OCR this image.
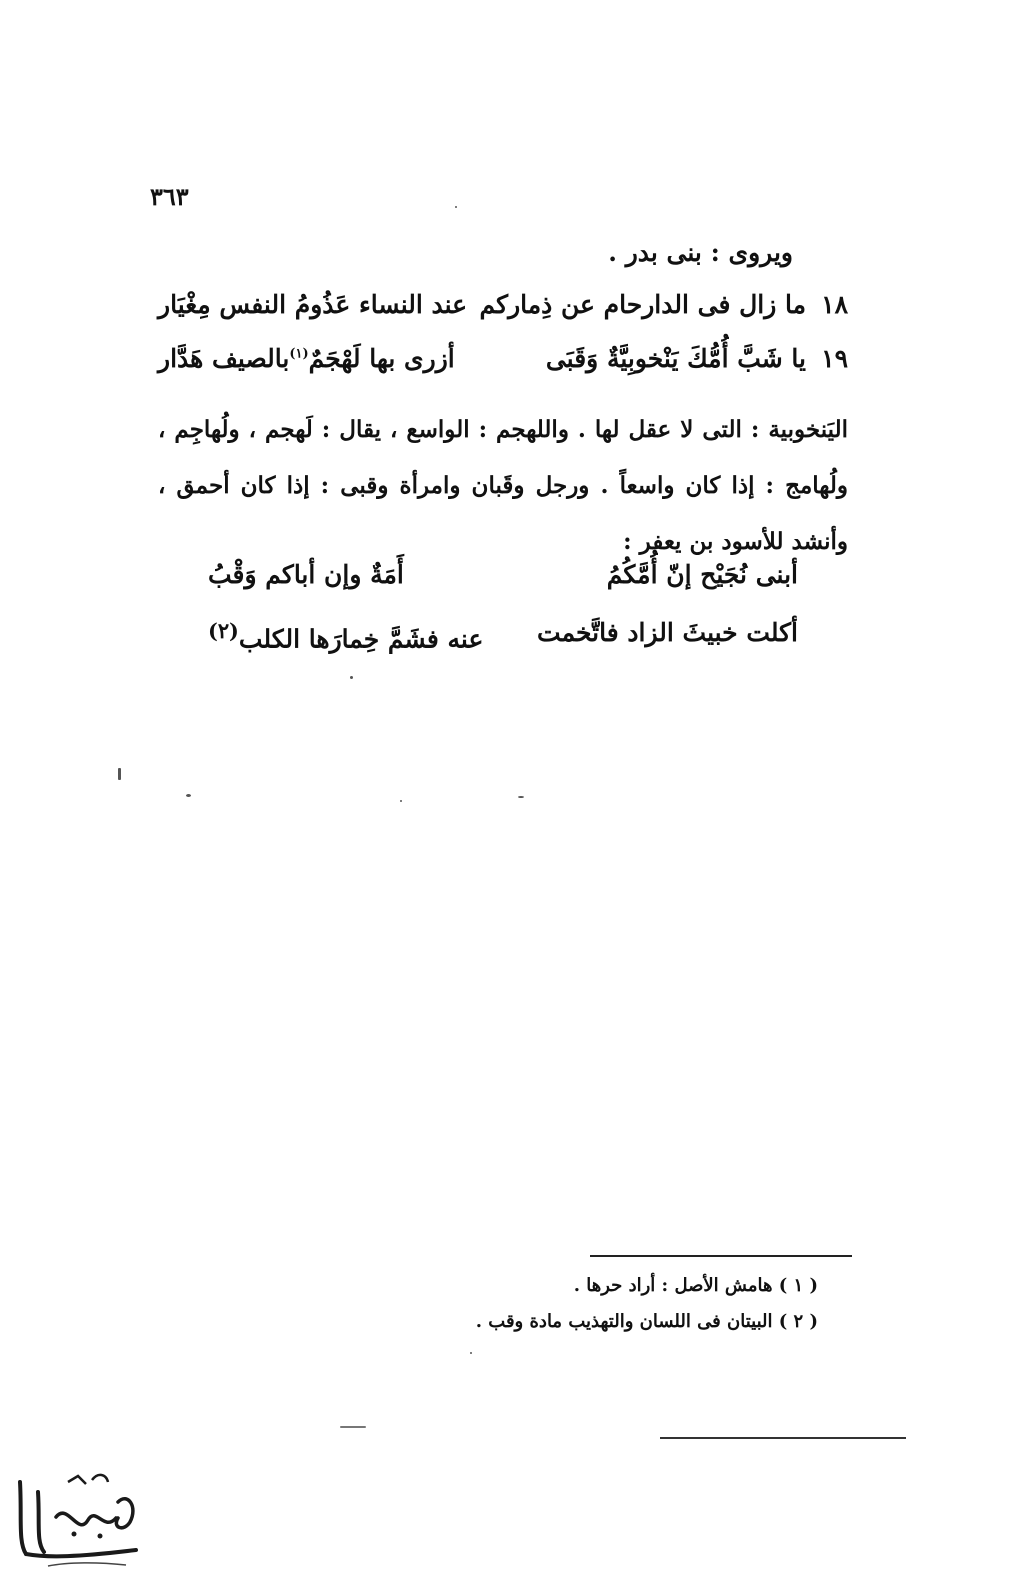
٣٦٣
ويروى : بنى بدر .
١٨
ما زال فى الدارحام عن ذِماركم
عند النساء عَذُومُ النفس مِغْيَار
١٩
يا شَبَّ أُمُّكَ يَنْخوبِيَّةٌ وَقَبَى
أزرى بها لَهْجَمٌ$^{(١)}$بالصيف هَدَّار
اليَنخوبية : التى لا عقل لها . واللهجم : الواسع ، يقال : لَهجم ، ولُهاجِم ، ولُهامج : إذا كان واسعاً . ورجل وقَبان وامرأة وقبى : إذا كان أحمق ، وأنشد للأسود بن يعفر :
أبنى نُجَيْح إنّ أُمَّكُمُ
أَمَةٌ وإن أباكم وَقْبُ
أكلت خبيثَ الزاد فاتَّخمت
عنه فشَمَّ خِمارَها الكلب$^{(٢)}$
( ١ ) هامش الأصل : أراد حرها .
( ٢ ) البيتان فى اللسان والتهذيب مادة وقب .
